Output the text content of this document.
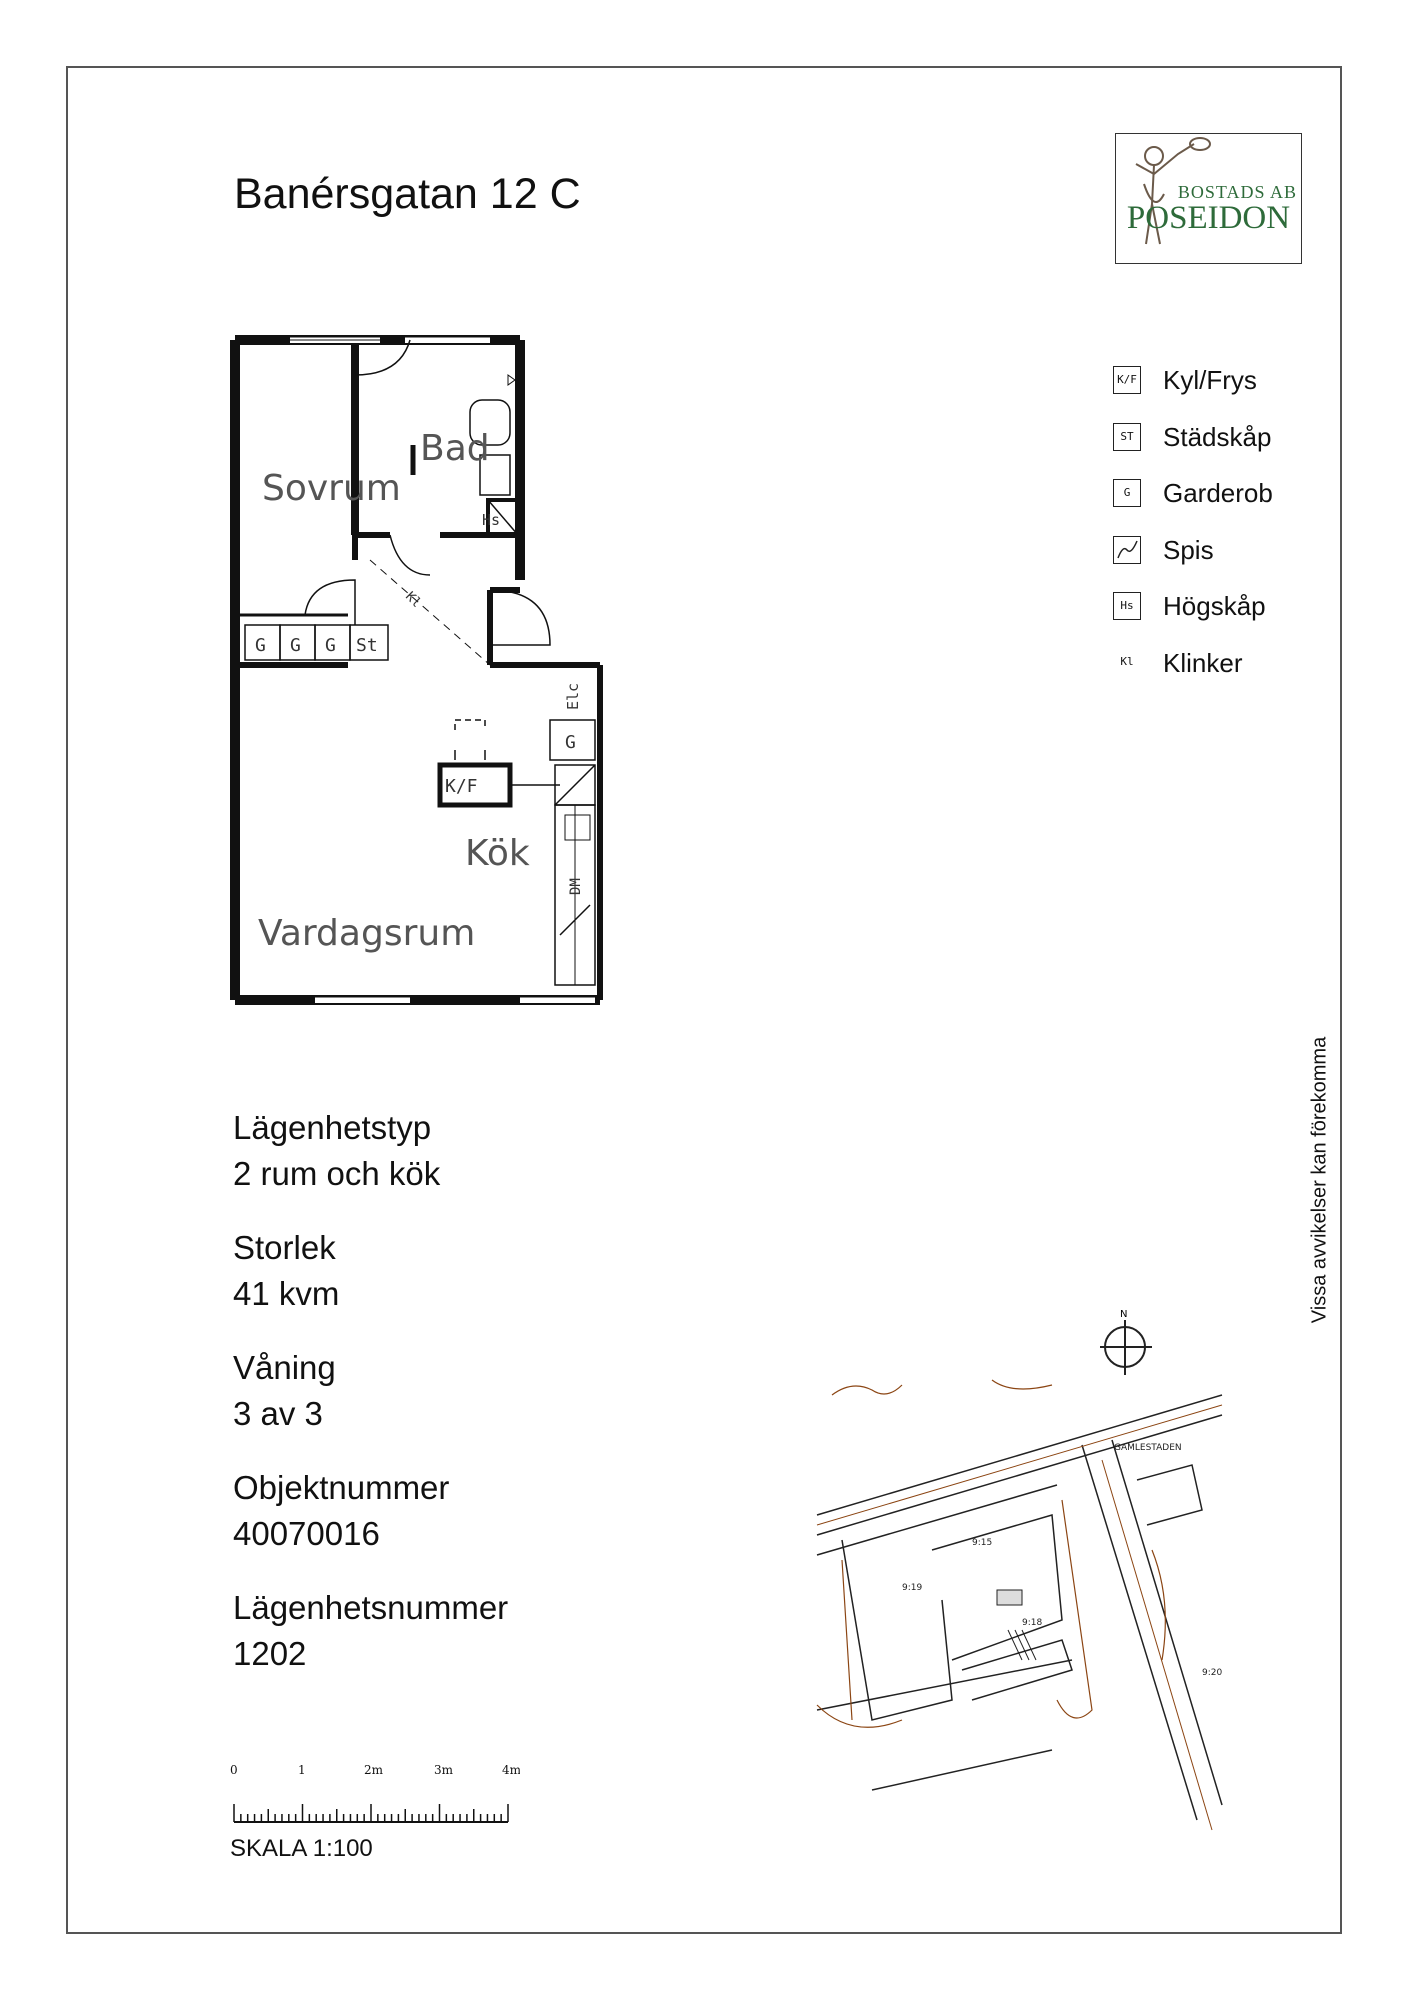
Banérsgatan 12 C	BOSTADS AB
POSEIDON
K/F Kyl/Frys
ST Städskåp
G	Garderob
Spis
Hs Högskåp
Kl Klinker
Vissa avvikelser kan förekomma
Sovrum
Bad
Kök
Vardagsrum
G G G St
G
K/F
Hs
Elc
DM
Kl
Lägenhetstyp
2 rum och kök
Storlek
41 kvm
Våning
3 av 3
Objektnummer
40070016
Lägenhetsnummer
1202
0	1	2m	3m	4m
SKALA 1:100
N
GAMLESTADEN
9:18
9:19
9:20
9:15
